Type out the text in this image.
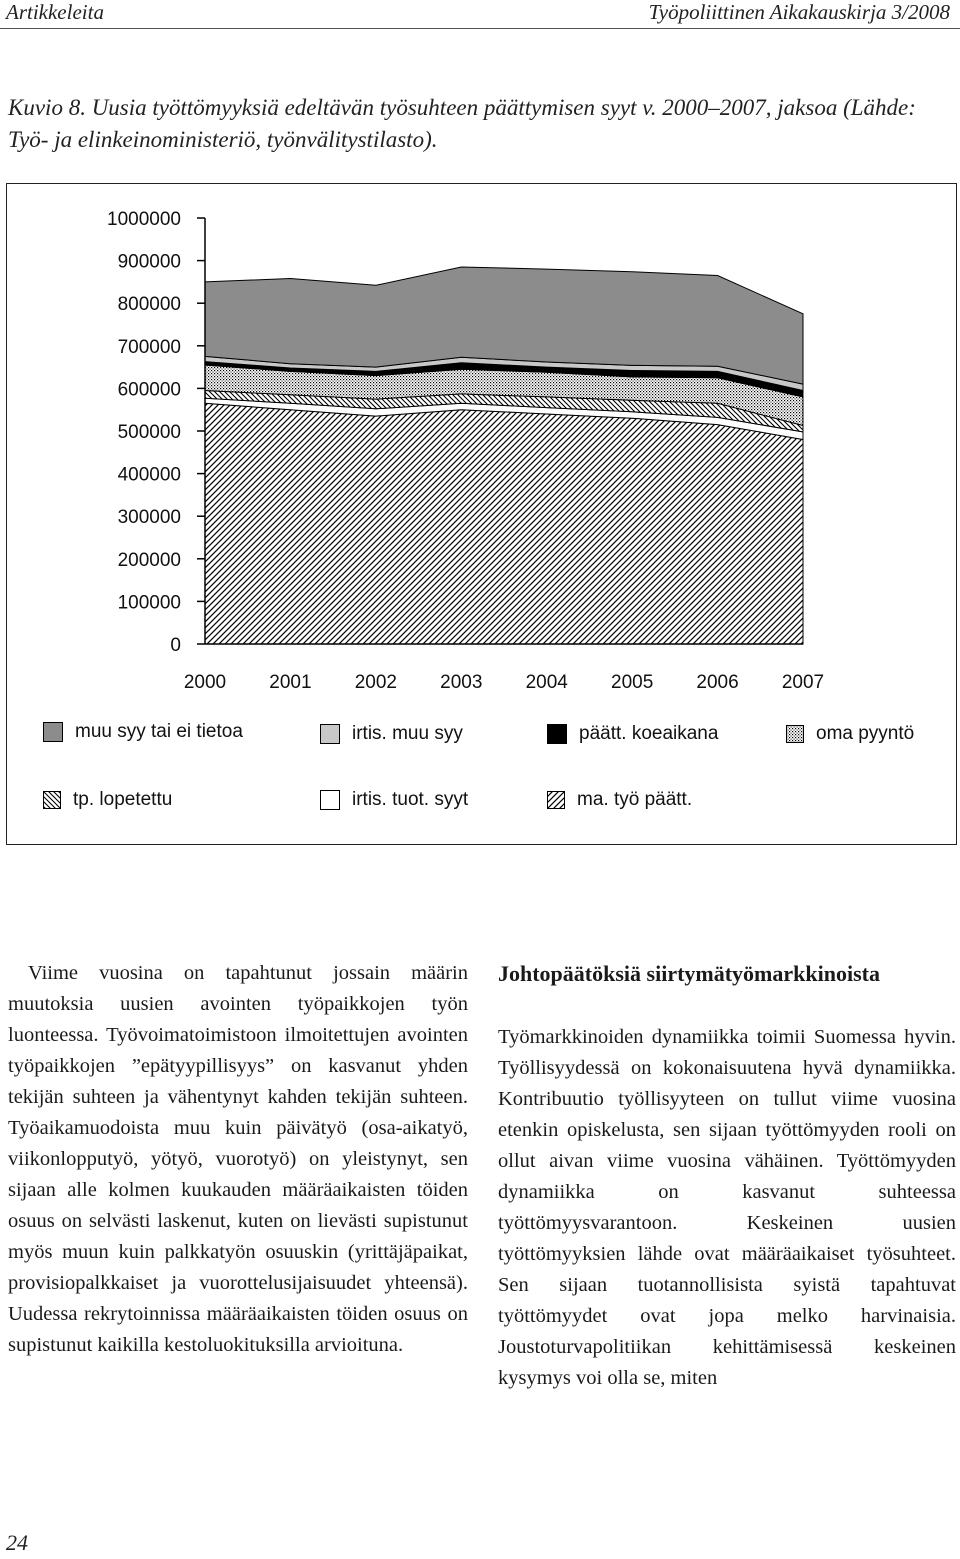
Artikkeleita	Työpoliittinen Aikakauskirja 3/2008
Kuvio 8. Uusia työttömyyksiä edeltävän työsuhteen päättymisen syyt v. 2000–2007, jaksoa (Lähde: Työ- ja elinkeinoministeriö, työnvälitystilasto).
0
100000
200000
300000
400000
500000
600000
700000
800000
900000
1000000
2000 2001 2002 2003 2004 2005 2006 2007
muu syy tai ei tietoa	irtis. muu syy	päätt. koeaikana	oma pyyntö
tp. lopetettu	irtis. tuot. syyt	ma. työ päätt.

Viime vuosina on tapahtunut jossain määrin muutoksia uusien avointen työpaikkojen työn luonteessa. Työvoimatoimistoon ilmoitettujen avointen työpaikkojen ”epätyypillisyys” on kasvanut yhden tekijän suhteen ja vähentynyt kahden tekijän suhteen. Työaikamuodoista muu kuin päivätyö (osa-aikatyö, viikonlopputyö, yötyö, vuorotyö) on yleistynyt, sen sijaan alle kolmen kuukauden määräaikaisten töiden osuus on selvästi laskenut, kuten on lievästi supistunut myös muun kuin palkkatyön osuuskin (yrittäjäpaikat, provisiopalkkaiset ja vuorottelusijaisuudet yhteensä). Uudessa rekrytoinnissa määräaikaisten töiden osuus on supistunut kaikilla kestoluokituksilla arvioituna.

Johtopäätöksiä siirtymätyömarkkinoista

Työmarkkinoiden dynamiikka toimii Suomessa hyvin. Työllisyydessä on kokonaisuutena hyvä dynamiikka. Kontribuutio työllisyyteen on tullut viime vuosina etenkin opiskelusta, sen sijaan työttömyyden rooli on ollut aivan viime vuosina vähäinen. Työttömyyden dynamiikka on kasvanut suhteessa työttömyysvarantoon. Keskeinen uusien työttömyyksien lähde ovat määräaikaiset työsuhteet. Sen sijaan tuotannollisista syistä tapahtuvat työttömyydet ovat jopa melko harvinaisia. Joustoturvapolitiikan kehittämisessä keskeinen kysymys voi olla se, miten

24
